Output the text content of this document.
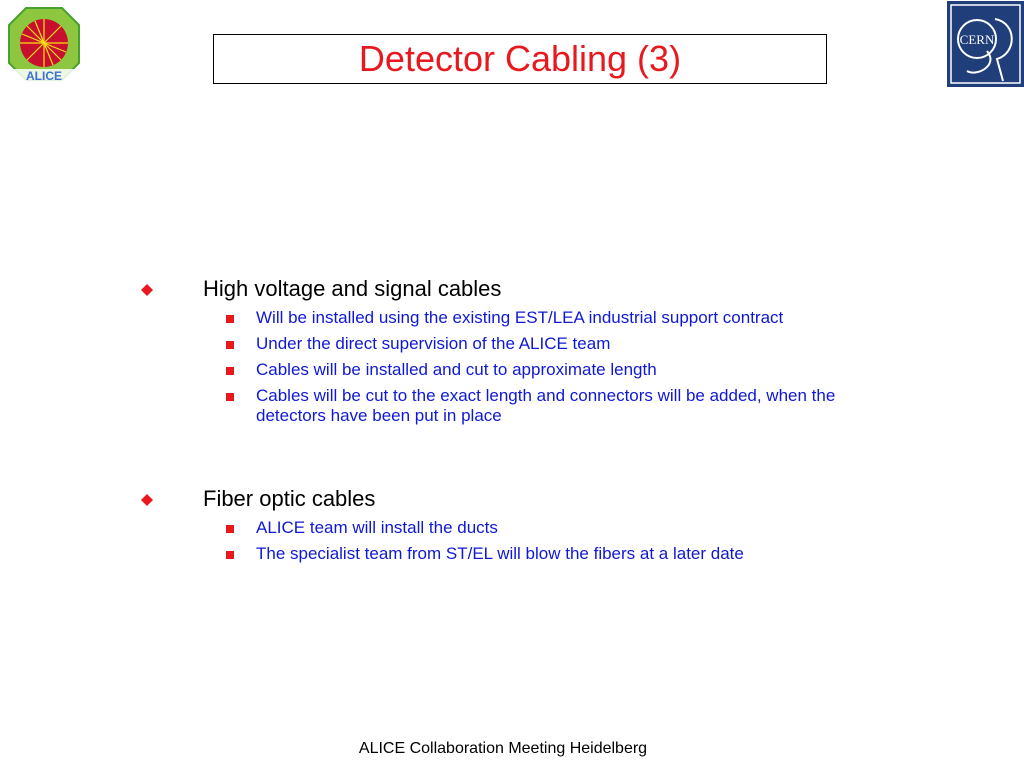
ALICE
CERN
Detector Cabling (3)
High voltage and signal cables
Will be installed using the existing EST/LEA industrial support contract
Under the direct supervision of the ALICE team
Cables will be installed and cut to approximate length
Cables will be cut to the exact length and connectors will be added, when the detectors have been put in place
Fiber optic cables
ALICE team will install the ducts
The specialist team from ST/EL will blow the fibers at a later date
ALICE Collaboration Meeting Heidelberg
